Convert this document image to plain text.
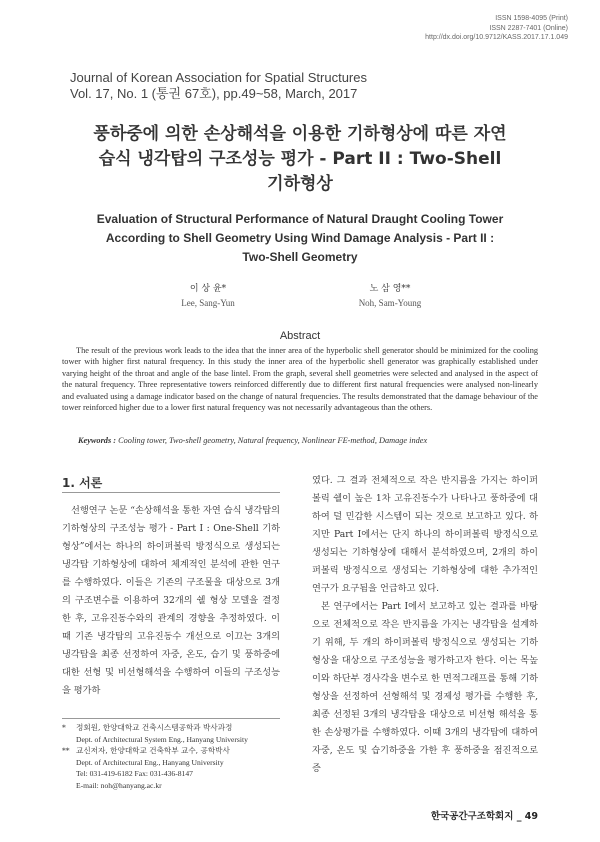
ISSN 1598-4095 (Print)
ISSN 2287-7401 (Online)
http://dx.doi.org/10.9712/KASS.2017.17.1.049
Journal of Korean Association for Spatial Structures
Vol. 17, No. 1 (통권 67호), pp.49~58, March, 2017
풍하중에 의한 손상해석을 이용한 기하형상에 따른 자연
습식 냉각탑의 구조성능 평가 - Part II : Two-Shell
기하형상
Evaluation of Structural Performance of Natural Draught Cooling Tower
According to Shell Geometry Using Wind Damage Analysis - Part II :
Two-Shell Geometry
이 상 윤*
Lee, Sang-Yun
노 삼 영**
Noh, Sam-Young
Abstract
The result of the previous work leads to the idea that the inner area of the hyperbolic shell generator should be minimized for the cooling tower with higher first natural frequency. In this study the inner area of the hyperbolic shell generator was graphically established under varying height of the throat and angle of the base lintel. From the graph, several shell geometries were selected and analysed in the aspect of the natural frequency. Three representative towers reinforced differently due to different first natural frequencies were analysed non-linearly and evaluated using a damage indicator based on the change of natural frequencies. The results demonstrated that the damage behaviour of the tower reinforced higher due to a lower first natural frequency was not necessarily advantageous than the others.
Keywords : Cooling tower, Two-shell geometry, Natural frequency, Nonlinear FE-method, Damage index
1. 서론
선행연구 논문 “손상해석을 통한 자연 습식 냉각탑의 기하형상의 구조성능 평가 - Part I : One-Shell 기하형상”에서는 하나의 하이퍼볼릭 방정식으로 생성되는 냉각탑 기하형상에 대하여 체계적인 분석에 관한 연구를 수행하였다. 이들은 기존의 구조물을 대상으로 3개의 구조변수를 이용하여 32개의 쉘 형상 모델을 결정한 후, 고유진동수와의 관계의 경향을 추정하였다. 이때 기존 냉각탑의 고유진동수 개선으로 이끄는 3개의 냉각탑을 최종 선정하여 자중, 온도, 습기 및 풍하중에 대한 선형 및 비선형해석을 수행하여 이들의 구조성능을 평가하
*	정회원, 한양대학교 건축시스템공학과 박사과정
Dept. of Architectural System Eng., Hanyang University
** 교신저자, 한양대학교 건축학부 교수, 공학박사
Dept. of Architectural Eng., Hanyang University
Tel: 031-419-6182 Fax: 031-436-8147
E-mail: noh@hanyang.ac.kr

였다. 그 결과 전체적으로 작은 반지름을 가지는 하이퍼볼릭 쉘이 높은 1차 고유진동수가 나타나고 풍하중에 대하여 덜 민감한 시스템이 되는 것으로 보고하고 있다. 하지만 Part I에서는 단지 하나의 하이퍼볼릭 방정식으로 생성되는 기하형상에 대해서 분석하였으며, 2개의 하이퍼볼릭 방정식으로 생성되는 기하형상에 대한 추가적인 연구가 요구됨을 언급하고 있다.

본 연구에서는 Part I에서 보고하고 있는 결과를 바탕으로 전체적으로 작은 반지름을 가지는 냉각탑을 설계하기 위해, 두 개의 하이퍼볼릭 방정식으로 생성되는 기하형상을 대상으로 구조성능을 평가하고자 한다. 이는 목높이와 하단부 경사각을 변수로 한 면적그래프를 통해 기하형상을 선정하여 선형해석 및 경제성 평가를 수행한 후, 최종 선정된 3개의 냉각탑을 대상으로 비선형 해석을 통한 손상평가를 수행하였다. 이때 3개의 냉각탑에 대하여 자중, 온도 및 습기하중을 가한 후 풍하중을 점진적으로 증

한국공간구조학회지 _ 49
